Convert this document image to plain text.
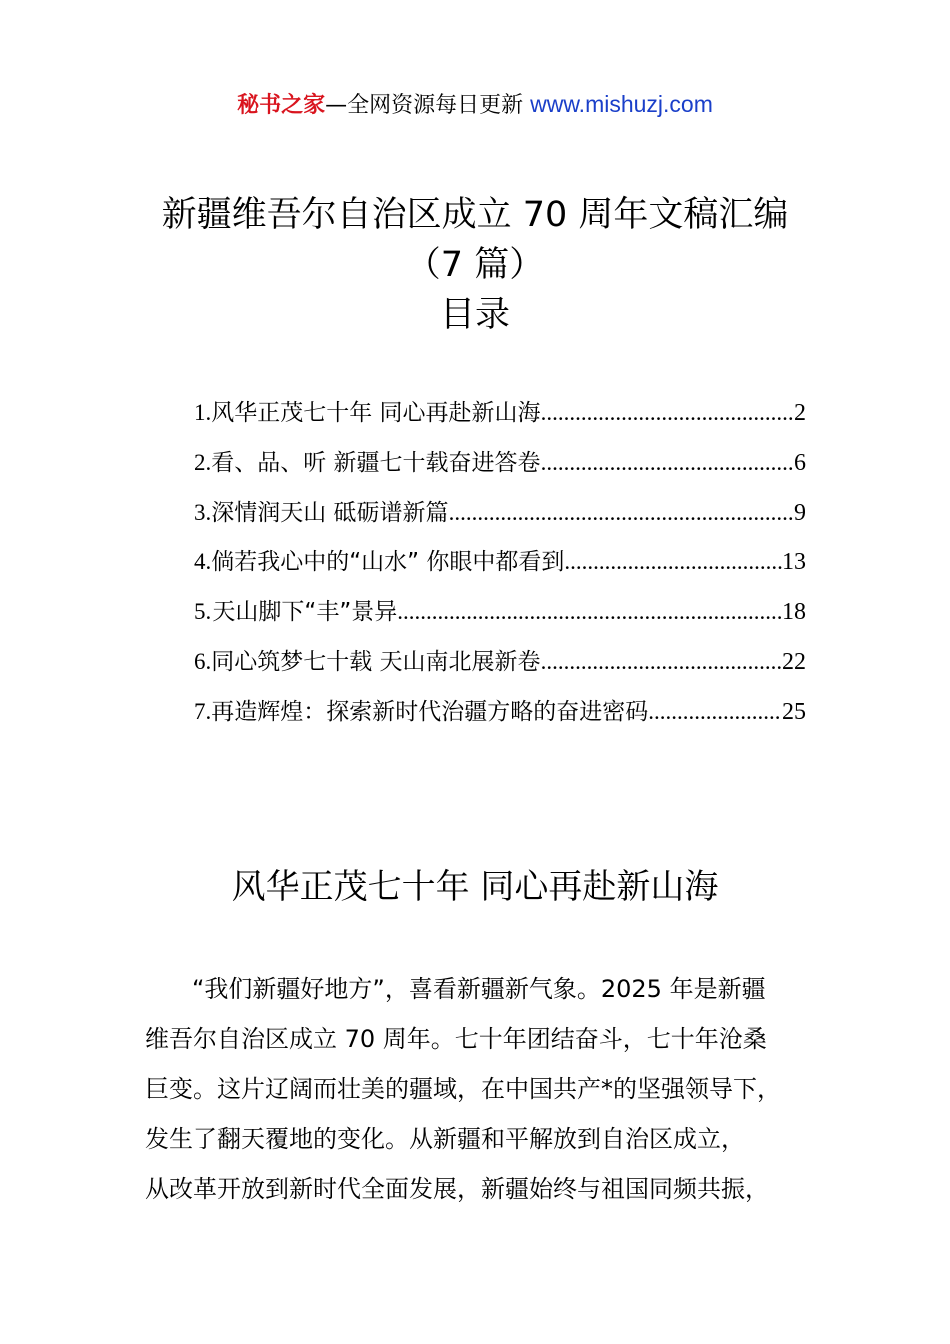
秘书之家—全网资源每日更新 www.mishuzj.com
新疆维吾尔自治区成立 70 周年文稿汇编
（7 篇）
目录
1. 风华正茂七十年 同心再赴新山海 .....	2
2. 看、品、听 新疆七十载奋进答卷 .....	6
3. 深情润天山 砥砺谱新篇 .....	9
4. 倘若我心中的“山水” 你眼中都看到 .....	13
5. 天山脚下“丰”景异 .....	18
6. 同心筑梦七十载 天山南北展新卷 .....	22
7. 再造辉煌：探索新时代治疆方略的奋进密码 .....	25
风华正茂七十年 同心再赴新山海
“我们新疆好地方”，喜看新疆新气象。2025 年是新疆
维吾尔自治区成立 70 周年。七十年团结奋斗，七十年沧桑
巨变。这片辽阔而壮美的疆域，在中国共产*的坚强领导下，
发生了翻天覆地的变化。从新疆和平解放到自治区成立，
从改革开放到新时代全面发展，新疆始终与祖国同频共振，
